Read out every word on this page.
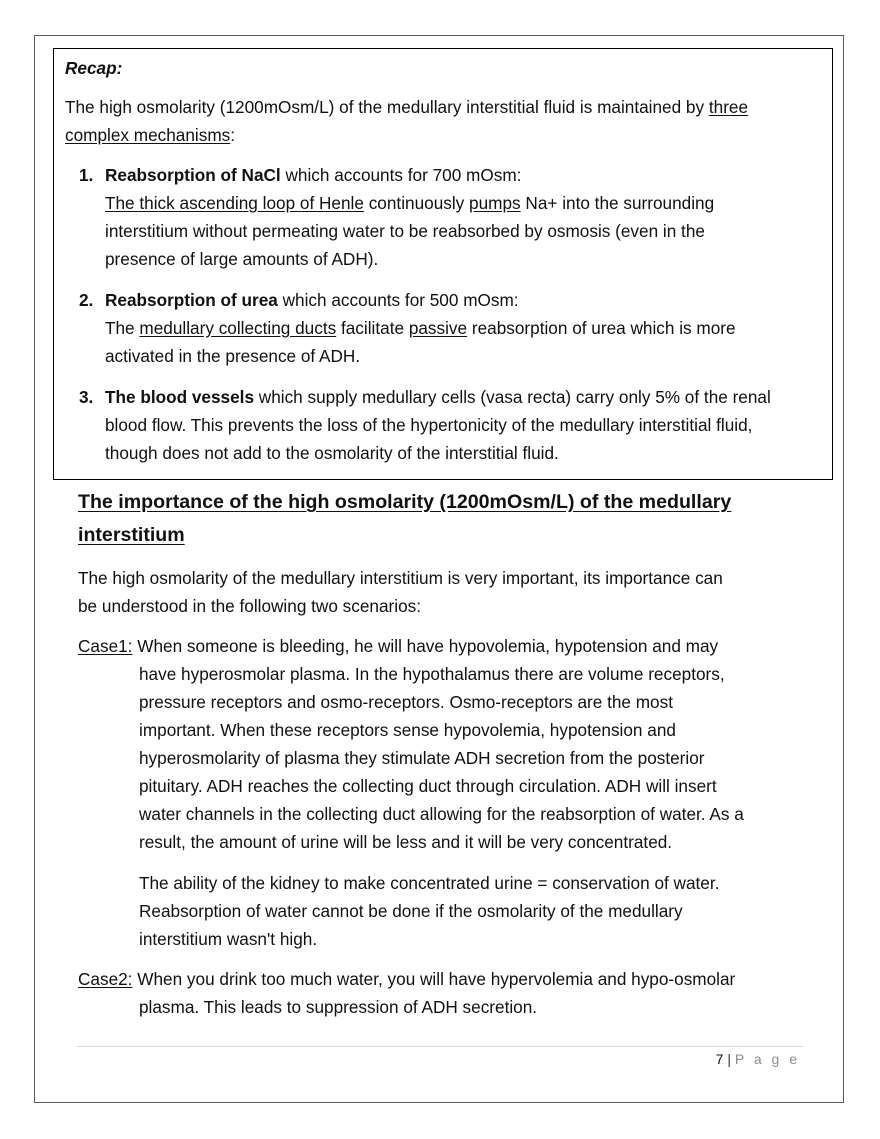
Recap:
The high osmolarity (1200mOsm/L) of the medullary interstitial fluid is maintained by three
complex mechanisms:
1. Reabsorption of NaCl which accounts for 700 mOsm:
The thick ascending loop of Henle continuously pumps Na+ into the surrounding
interstitium without permeating water to be reabsorbed by osmosis (even in the
presence of large amounts of ADH).
2. Reabsorption of urea which accounts for 500 mOsm:
The medullary collecting ducts facilitate passive reabsorption of urea which is more
activated in the presence of ADH.
3. The blood vessels which supply medullary cells (vasa recta) carry only 5% of the renal
blood flow. This prevents the loss of the hypertonicity of the medullary interstitial fluid,
though does not add to the osmolarity of the interstitial fluid.
The importance of the high osmolarity (1200mOsm/L) of the medullary
interstitium
The high osmolarity of the medullary interstitium is very important, its importance can
be understood in the following two scenarios:
Case1: When someone is bleeding, he will have hypovolemia, hypotension and may
have hyperosmolar plasma. In the hypothalamus there are volume receptors,
pressure receptors and osmo-receptors. Osmo-receptors are the most
important. When these receptors sense hypovolemia, hypotension and
hyperosmolarity of plasma they stimulate ADH secretion from the posterior
pituitary. ADH reaches the collecting duct through circulation. ADH will insert
water channels in the collecting duct allowing for the reabsorption of water. As a
result, the amount of urine will be less and it will be very concentrated.
The ability of the kidney to make concentrated urine = conservation of water.
Reabsorption of water cannot be done if the osmolarity of the medullary
interstitium wasn't high.
Case2: When you drink too much water, you will have hypervolemia and hypo-osmolar
plasma. This leads to suppression of ADH secretion.
7 | P a g e
